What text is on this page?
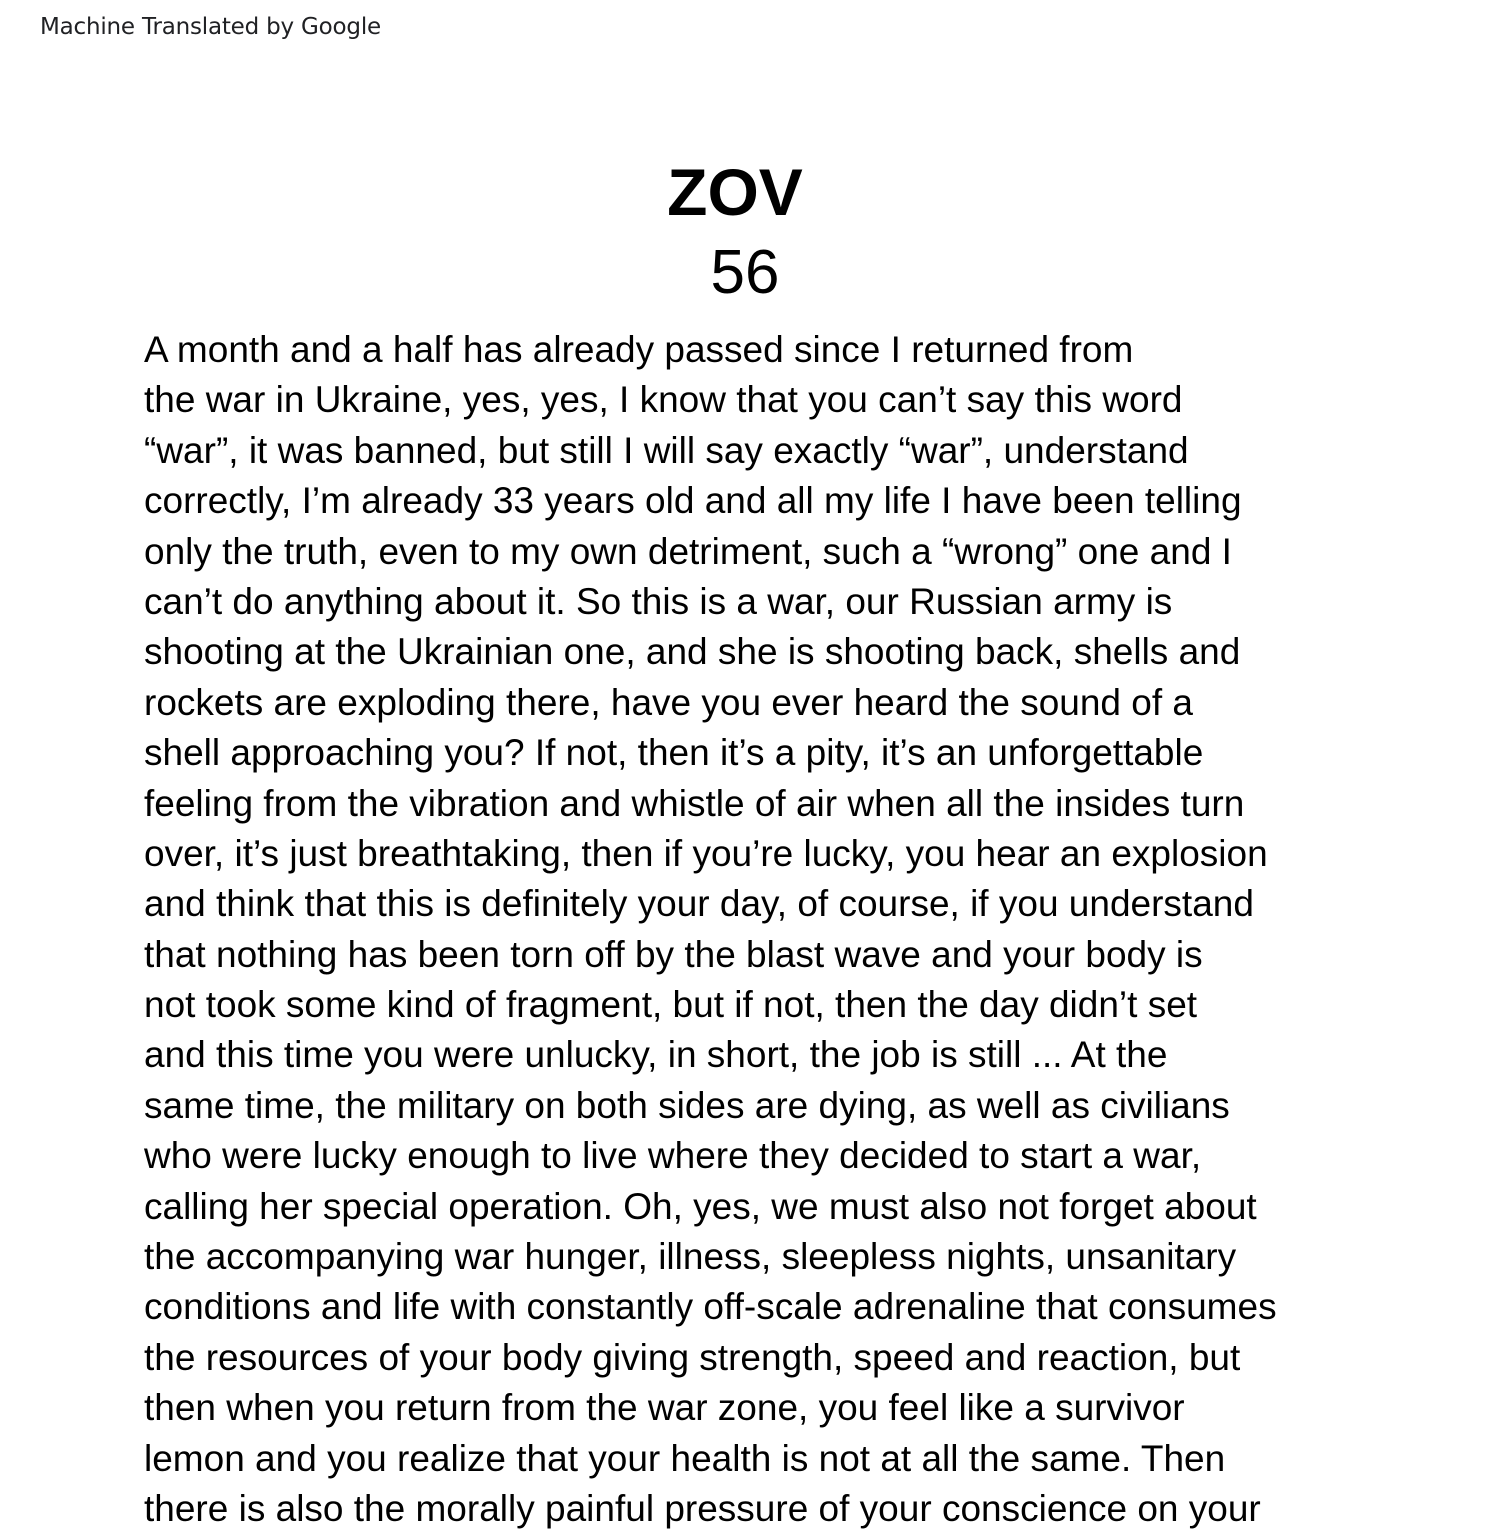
Machine Translated by Google
ZOV
56
A month and a half has already passed since I returned from
the war in Ukraine, yes, yes, I know that you can’t say this word
“war”, it was banned, but still I will say exactly “war”, understand
correctly, I’m already 33 years old and all my life I have been telling
only the truth, even to my own detriment, such a “wrong” one and I
can’t do anything about it. So this is a war, our Russian army is
shooting at the Ukrainian one, and she is shooting back, shells and
rockets are exploding there, have you ever heard the sound of a
shell approaching you? If not, then it’s a pity, it’s an unforgettable
feeling from the vibration and whistle of air when all the insides turn
over, it’s just breathtaking, then if you’re lucky, you hear an explosion
and think that this is definitely your day, of course, if you understand
that nothing has been torn off by the blast wave and your body is
not took some kind of fragment, but if not, then the day didn’t set
and this time you were unlucky, in short, the job is still ... At the
same time, the military on both sides are dying, as well as civilians
who were lucky enough to live where they decided to start a war,
calling her special operation. Oh, yes, we must also not forget about
the accompanying war hunger, illness, sleepless nights, unsanitary
conditions and life with constantly off-scale adrenaline that consumes
the resources of your body giving strength, speed and reaction, but
then when you return from the war zone, you feel like a survivor
lemon and you realize that your health is not at all the same. Then
there is also the morally painful pressure of your conscience on your
